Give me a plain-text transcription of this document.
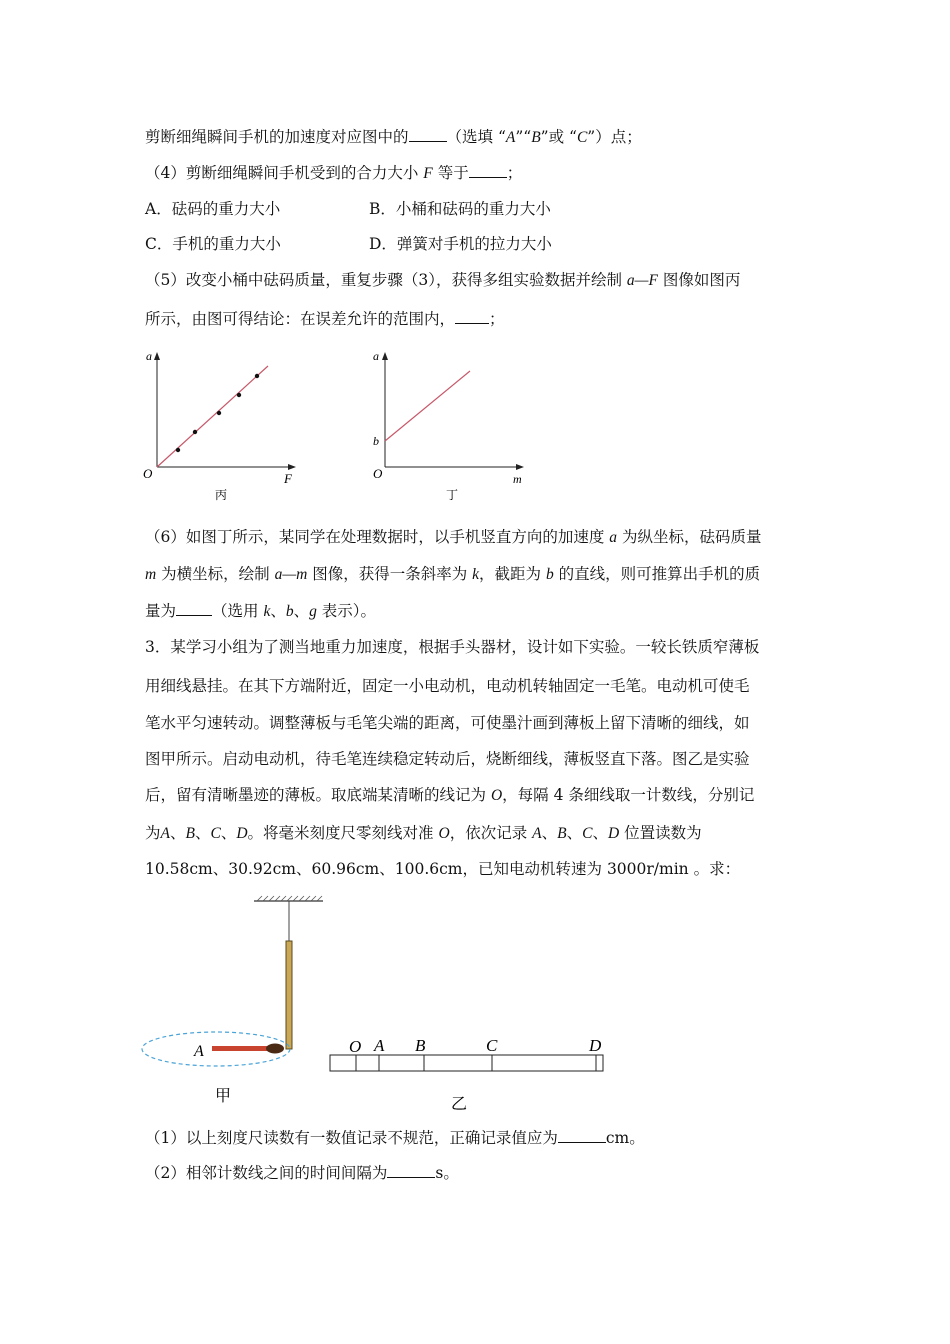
剪断细绳瞬间手机的加速度对应图中的 （选填 “A”“B”或 “C”）点；
（4）剪断细绳瞬间手机受到的合力大小 F 等于 ；
A．砝码的重力大小	B．小桶和砝码的重力大小
C．手机的重力大小	D．弹簧对手机的拉力大小
（5）改变小桶中砝码质量，重复步骤（3），获得多组实验数据并绘制 a—F 图像如图丙
所示，由图可得结论：在误差允许的范围内， ；
a
O	F
丙
a
b
O	m
丁
A
甲
O A B	C	D
乙
（6）如图丁所示，某同学在处理数据时，以手机竖直方向的加速度 a 为纵坐标，砝码质量
m 为横坐标，绘制 a—m 图像，获得一条斜率为 k，截距为 b 的直线，则可推算出手机的质
量为 （选用 k、b、g 表示）。
3．某学习小组为了测当地重力加速度，根据手头器材，设计如下实验。一较长铁质窄薄板
用细线悬挂。在其下方端附近，固定一小电动机，电动机转轴固定一毛笔。电动机可使毛
笔水平匀速转动。调整薄板与毛笔尖端的距离，可使墨汁画到薄板上留下清晰的细线，如
图甲所示。启动电动机，待毛笔连续稳定转动后，烧断细线，薄板竖直下落。图乙是实验
后，留有清晰墨迹的薄板。取底端某清晰的线记为 O，每隔 4 条细线取一计数线，分别记
为A、B、C、D。将毫米刻度尺零刻线对准 O，依次记录 A、B、C、D 位置读数为
10.58cm、30.92cm、60.96cm、100.6cm，已知电动机转速为 3000r/min 。求：
（1）以上刻度尺读数有一数值记录不规范，正确记录值应为	cm。
（2）相邻计数线之间的时间间隔为	s。
